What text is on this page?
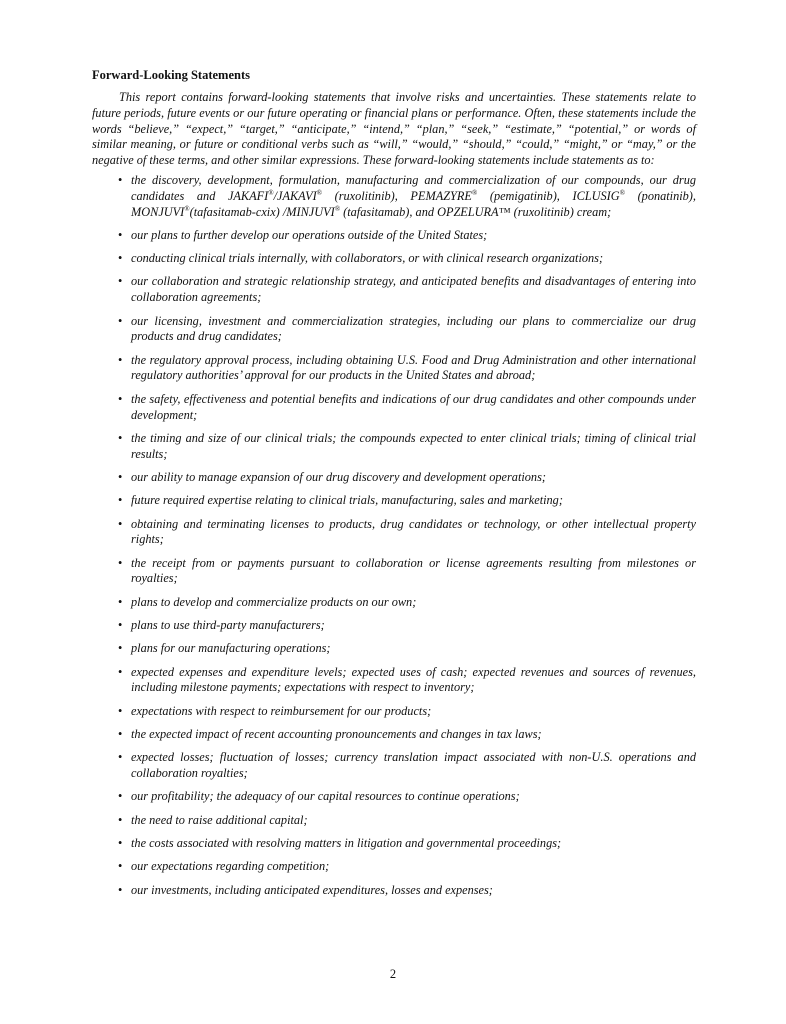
Forward-Looking Statements

This report contains forward-looking statements that involve risks and uncertainties. These statements relate to future periods, future events or our future operating or financial plans or performance. Often, these statements include the words “believe,” “expect,” “target,” “anticipate,” “intend,” “plan,” “seek,” “estimate,” “potential,” or words of similar meaning, or future or conditional verbs such as “will,” “would,” “should,” “could,” “might,” or “may,” or the negative of these terms, and other similar expressions. These forward-looking statements include statements as to:

• the discovery, development, formulation, manufacturing and commercialization of our compounds, our drug candidates and JAKAFI®/JAKAVI® (ruxolitinib), PEMAZYRE® (pemigatinib), ICLUSIG® (ponatinib), MONJUVI®(tafasitamab-cxix) /MINJUVI® (tafasitamab), and OPZELURA™ (ruxolitinib) cream;
• our plans to further develop our operations outside of the United States;
• conducting clinical trials internally, with collaborators, or with clinical research organizations;
• our collaboration and strategic relationship strategy, and anticipated benefits and disadvantages of entering into collaboration agreements;
• our licensing, investment and commercialization strategies, including our plans to commercialize our drug products and drug candidates;
• the regulatory approval process, including obtaining U.S. Food and Drug Administration and other international regulatory authorities’ approval for our products in the United States and abroad;
• the safety, effectiveness and potential benefits and indications of our drug candidates and other compounds under development;
• the timing and size of our clinical trials; the compounds expected to enter clinical trials; timing of clinical trial results;
• our ability to manage expansion of our drug discovery and development operations;
• future required expertise relating to clinical trials, manufacturing, sales and marketing;
• obtaining and terminating licenses to products, drug candidates or technology, or other intellectual property rights;
• the receipt from or payments pursuant to collaboration or license agreements resulting from milestones or royalties;
• plans to develop and commercialize products on our own;
• plans to use third-party manufacturers;
• plans for our manufacturing operations;
• expected expenses and expenditure levels; expected uses of cash; expected revenues and sources of revenues, including milestone payments; expectations with respect to inventory;
• expectations with respect to reimbursement for our products;
• the expected impact of recent accounting pronouncements and changes in tax laws;
• expected losses; fluctuation of losses; currency translation impact associated with non-U.S. operations and collaboration royalties;
• our profitability; the adequacy of our capital resources to continue operations;
• the need to raise additional capital;
• the costs associated with resolving matters in litigation and governmental proceedings;
• our expectations regarding competition;
• our investments, including anticipated expenditures, losses and expenses;
2
